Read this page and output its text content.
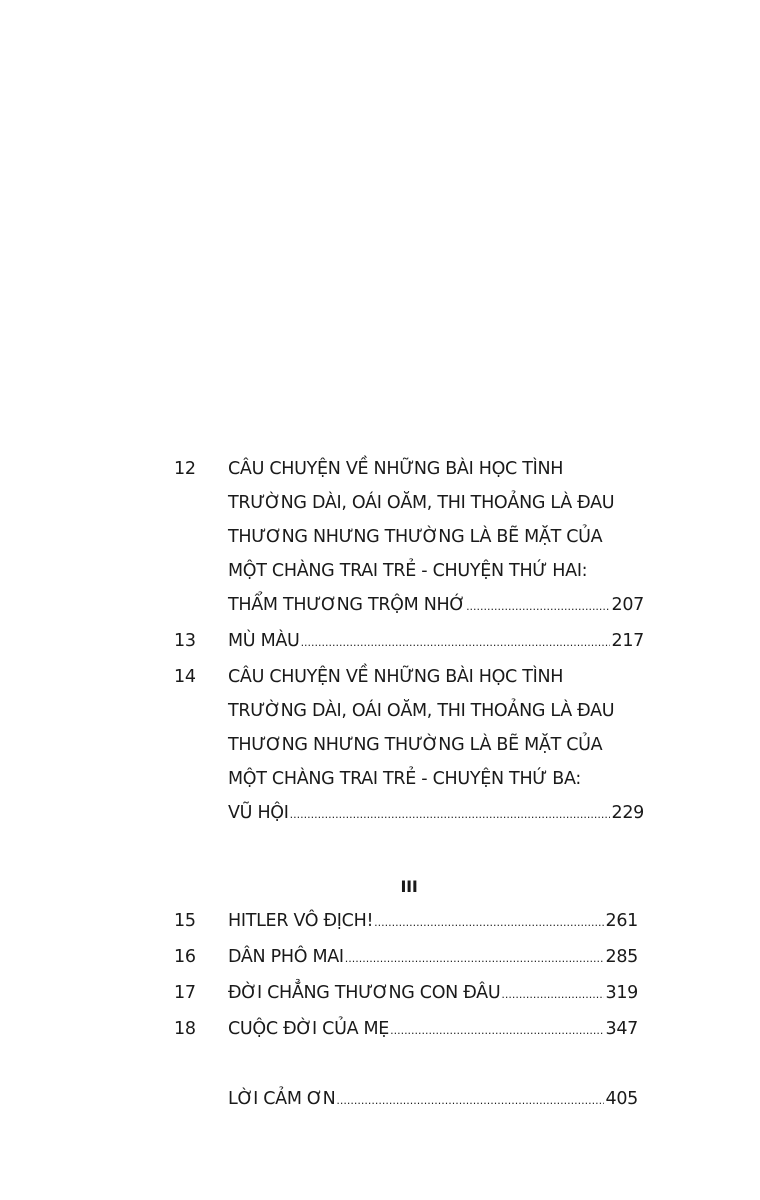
12	CÂU CHUYỆN VỀ NHỮNG BÀI HỌC TÌNH
TRƯỜNG DÀI, OÁI OĂM, THI THOẢNG LÀ ĐAU
THƯƠNG NHƯNG THƯỜNG LÀ BẼ MẶT CỦA
MỘT CHÀNG TRAI TRẺ - CHUYỆN THỨ HAI:
THẨM THƯƠNG TRỘM NHỚ .....	207
13	MÙ MÀU .....	217
14	CÂU CHUYỆN VỀ NHỮNG BÀI HỌC TÌNH
TRƯỜNG DÀI, OÁI OĂM, THI THOẢNG LÀ ĐAU
THƯƠNG NHƯNG THƯỜNG LÀ BẼ MẶT CỦA
MỘT CHÀNG TRAI TRẺ - CHUYỆN THỨ BA:
VŨ HỘI .....	229
III
15	HITLER VÔ ĐỊCH! .....	261
16	DÂN PHÔ MAI .....	285
17	ĐỜI CHẲNG THƯƠNG CON ĐÂU .....	319
18	CUỘC ĐỜI CỦA MẸ .....	347
LỜI CẢM ƠN .....	405
